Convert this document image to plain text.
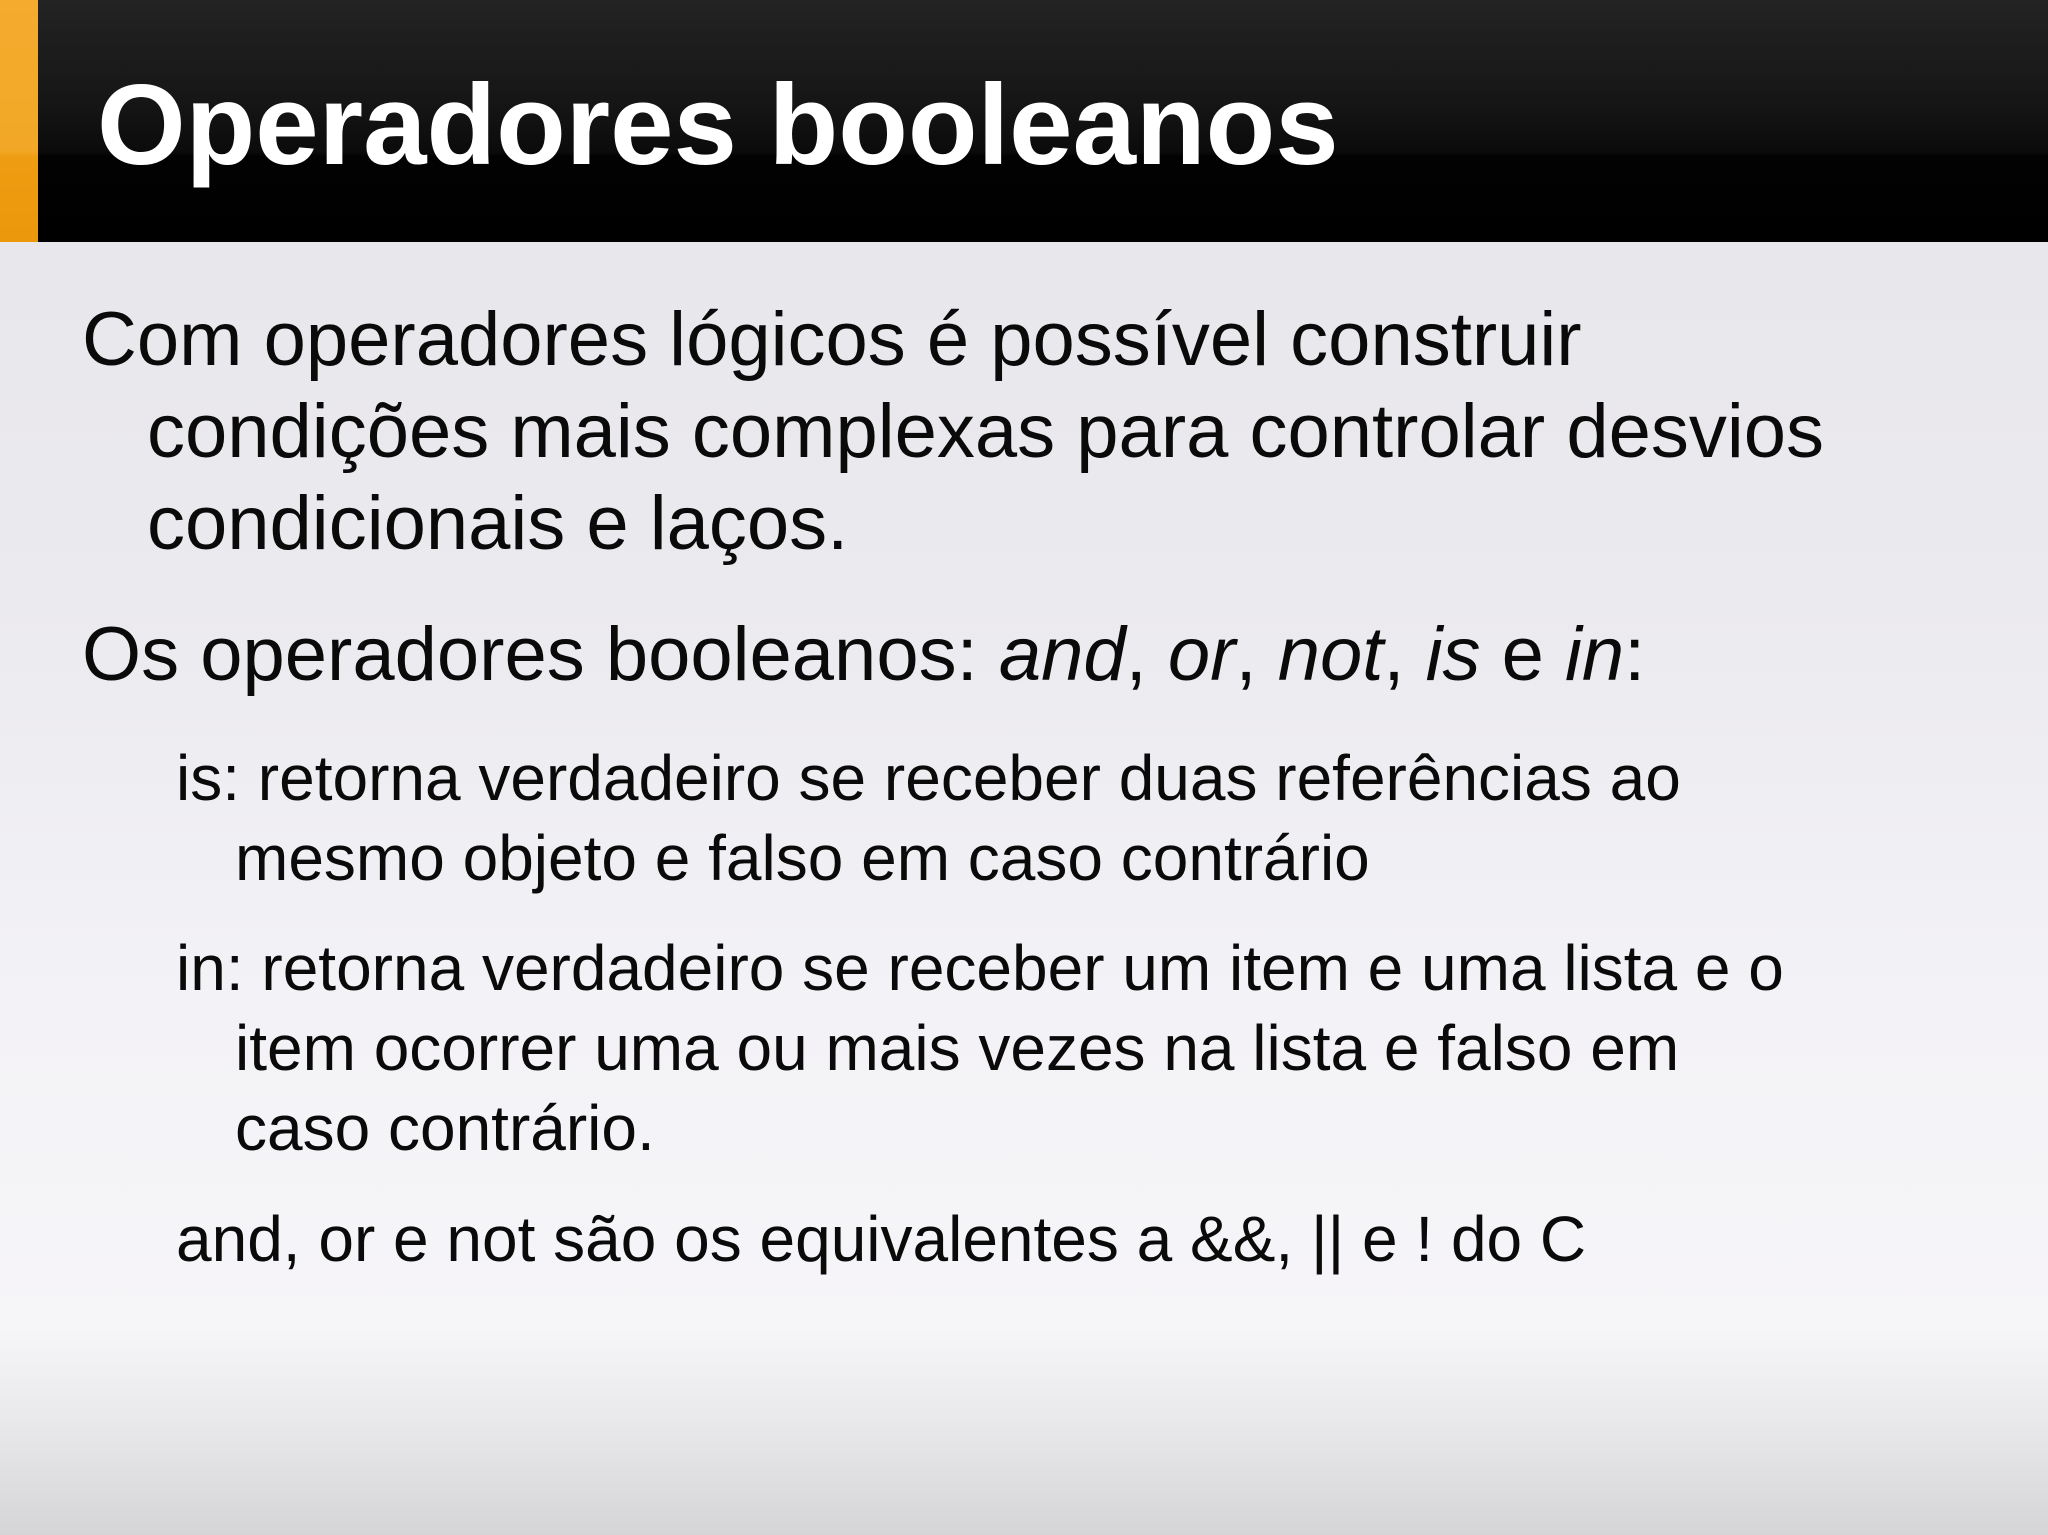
Operadores booleanos

Com operadores lógicos é possível construir
condições mais complexas para controlar desvios
condicionais e laços.

Os operadores booleanos: and, or, not, is e in:

is: retorna verdadeiro se receber duas referências ao
mesmo objeto e falso em caso contrário

in: retorna verdadeiro se receber um item e uma lista e o
item ocorrer uma ou mais vezes na lista e falso em
caso contrário.

and, or e not são os equivalentes a &&, || e ! do C
